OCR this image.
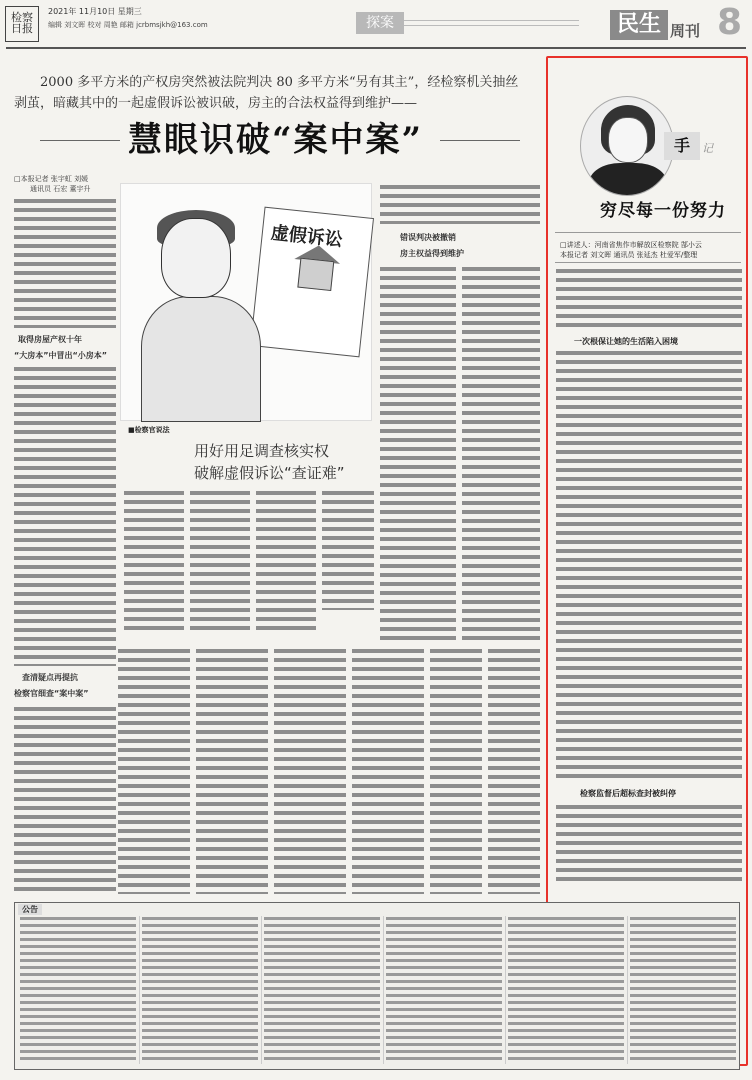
检察
日报
2021年 11月10日 星期三
编辑 刘文晖 校对 周艳 邮箱 jcrbmsjkh@163.com	探案	民生 周刊 8
2000 多平方米的产权房突然被法院判决 80 多平方米“另有其主”，经检察机关抽丝
剥茧，暗藏其中的一起虚假诉讼被识破，房主的合法权益得到维护——
慧眼识破“案中案”
□本报记者 张宇虹 刘媛
通讯员 石宏 董宇升
取得房屋产权十年
“大房本”中冒出“小房本”
查清疑点再提抗
检察官细查“案中案”
虚假诉讼
■检察官说法
用好用足调查核实权
破解虚假诉讼“查证难”
错误判决被撤销
房主权益得到维护
手	记
穷尽每一份努力
□讲述人：河南省焦作市解放区检察院 郜小云
本报记者 刘文晖 通讯员 张延杰 杜爱军/整理
一次根保让她的生活陷入困境
检察监督后超标查封被纠停
公告
